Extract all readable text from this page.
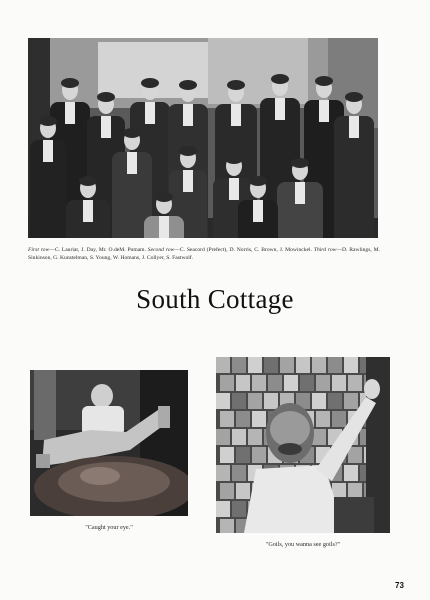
First row—C. Lauriat, J. Day, Mr. O.deM. Putnam. Second row—C. Seacord (Prefect), D. Norris, C. Brown, J. Mowinckel. Third row—D. Rawlings, M. Sinkinson, G. Kunstelman, S. Young, W. Homans, J. Collyer, S. Fastwolf.
South Cottage
"Caught your eye."
"Goils, you wanna see goils?"
73
